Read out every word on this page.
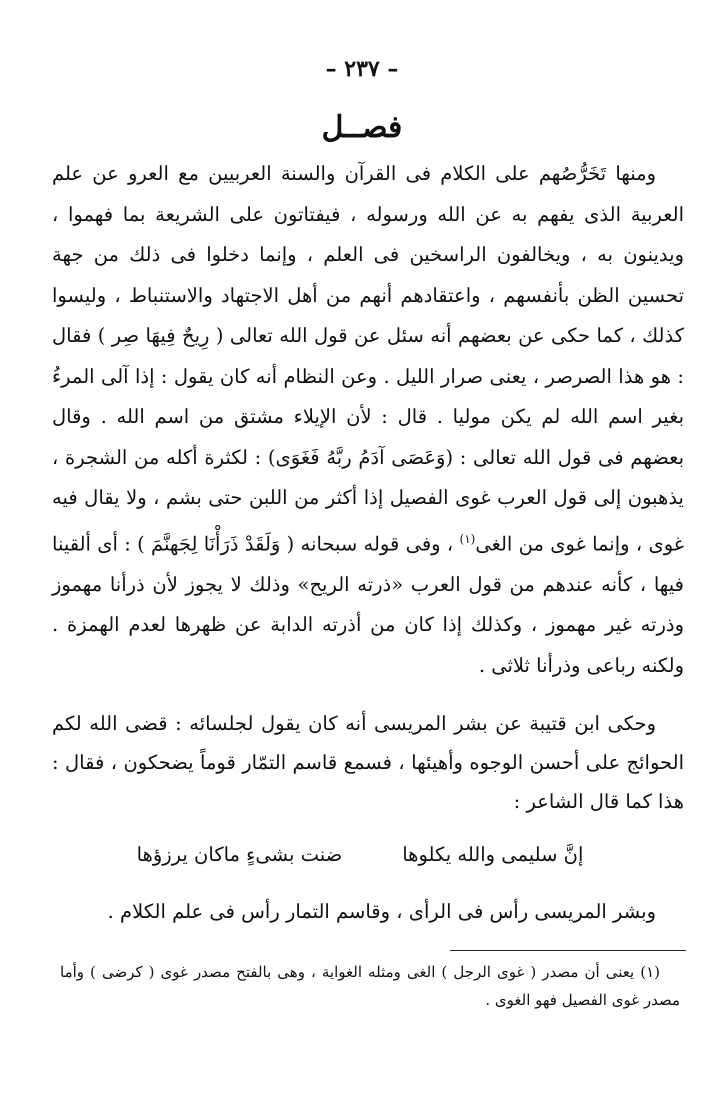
– ٢٣٧ –
فصــل

ومنها تَخَرُّصُهم على الكلام فى القرآن والسنة العربيين مع العرو عن علم العربية الذى يفهم به عن الله ورسوله ، فيفتاتون على الشريعة بما فهموا ، ويدينون به ، ويخالفون الراسخين فى العلم ، وإنما دخلوا فى ذلك من جهة تحسين الظن بأنفسهم ، واعتقادهم أنهم من أهل الاجتهاد والاستنباط ، وليسوا كذلك ، كما حكى عن بعضهم أنه سئل عن قول الله تعالى ( رِيحٌ فِيهَا صِر ) فقال : هو هذا الصرصر ، يعنى صرار الليل . وعن النظام أنه كان يقول : إذا آلى المرءُ بغير اسم الله لم يكن موليا . قال : لأن الإيلاء مشتق من اسم الله . وقال بعضهم فى قول الله تعالى : (وَعَصَى آدَمُ ربَّهُ فَغَوَى) : لكثرة أكله من الشجرة ، يذهبون إلى قول العرب غوى الفصيل إذا أكثر من اللبن حتى بشم ، ولا يقال فيه غوى ، وإنما غوى من الغى$^{(١)}$ ، وفى قوله سبحانه ( وَلَقَدْ ذَرَأْنَا لِجَهنَّمَ ) : أى ألقينا فيها ، كأنه عندهم من قول العرب «ذرته الريح» وذلك لا يجوز لأن ذرأنا مهموز وذرته غير مهموز ، وكذلك إذا كان من أذرته الدابة عن ظهرها لعدم الهمزة . ولكنه رباعى وذرأنا ثلاثى .

وحكى ابن قتيبة عن بشر المريسى أنه كان يقول لجلسائه : قضى الله لكم الحوائج على أحسن الوجوه وأهيئها ، فسمع قاسم التمّار قوماً يضحكون ، فقال : هذا كما قال الشاعر :

إنَّ سليمى والله يكلوها
ضنت بشىءٍ ماكان يرزؤها
وبشر المريسى رأس فى الرأى ، وقاسم التمار رأس فى علم الكلام .

(١) يعنى أن مصدر ( غوى الرجل ) الغى ومثله الغواية ، وهى بالفتح مصدر غوى ( كرضى ) وأما مصدر غوى الفصيل فهو الغوى .
